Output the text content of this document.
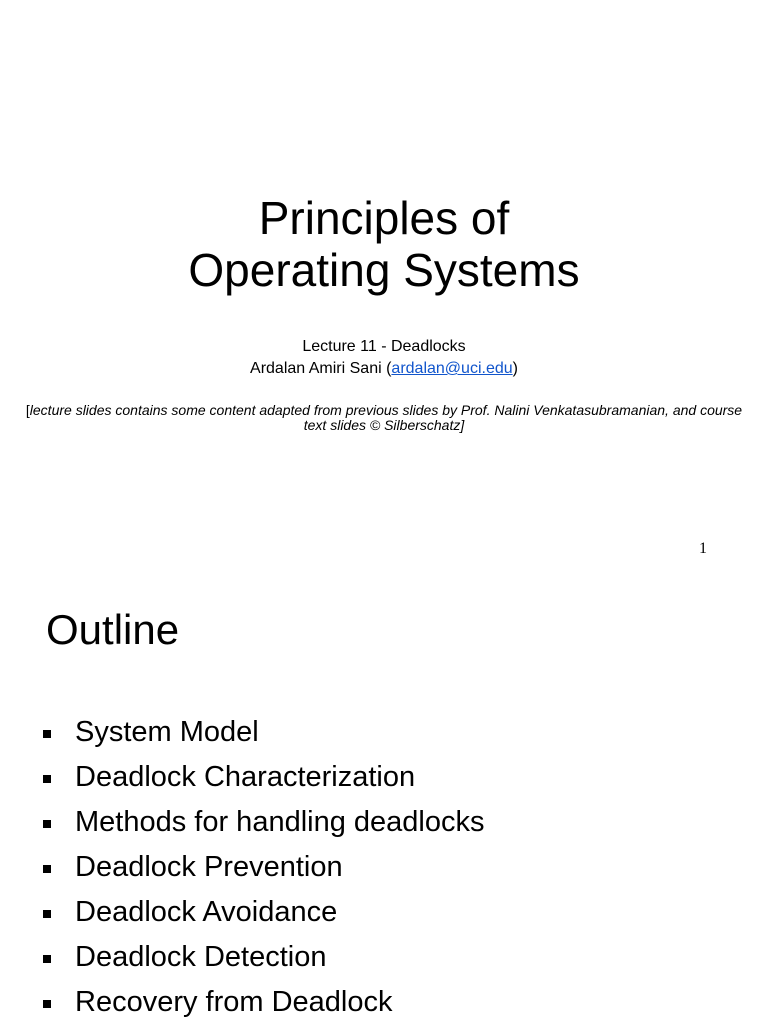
Principles of
Operating Systems
Lecture 11 - Deadlocks
Ardalan Amiri Sani (ardalan@uci.edu)
[lecture slides contains some content adapted from previous slides by Prof. Nalini Venkatasubramanian, and course text slides © Silberschatz]
1
Outline
System Model
Deadlock Characterization
Methods for handling deadlocks
Deadlock Prevention
Deadlock Avoidance
Deadlock Detection
Recovery from Deadlock
